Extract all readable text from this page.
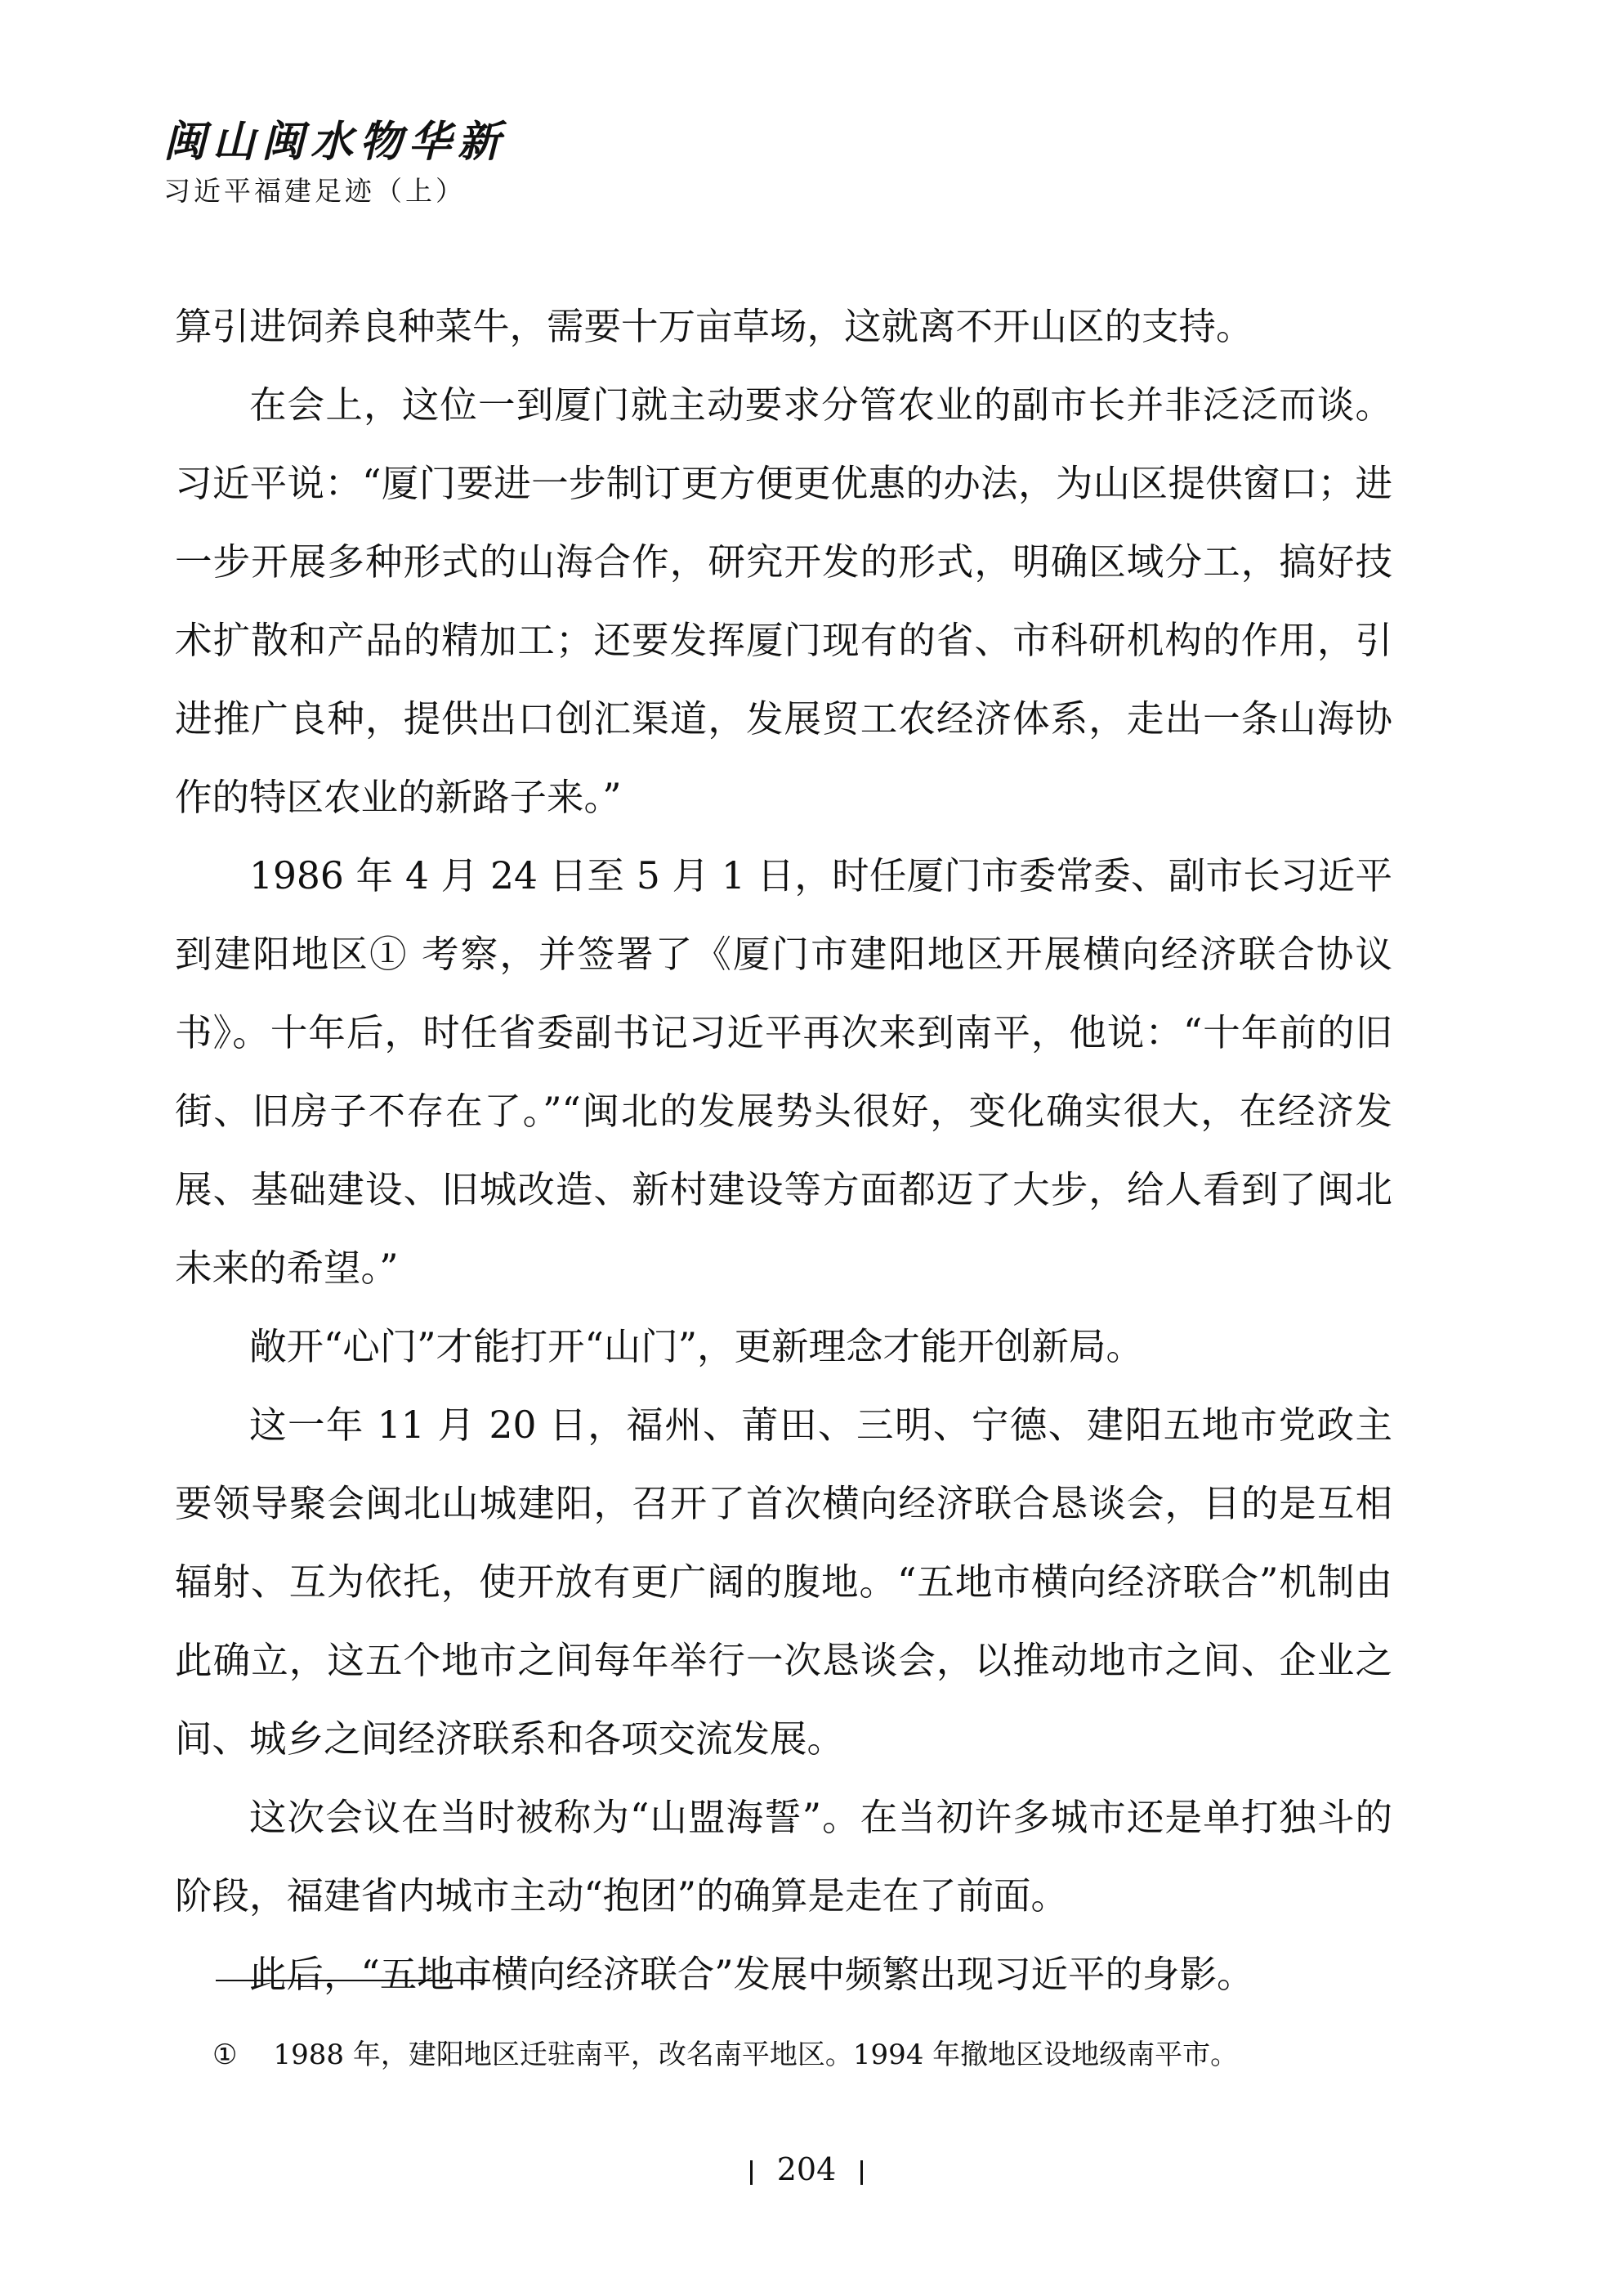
闽山闽水物华新
习近平福建足迹（上）

算引进饲养良种菜牛，需要十万亩草场，这就离不开山区的支持。

在会上，这位一到厦门就主动要求分管农业的副市长并非泛泛而谈。习近平说：“厦门要进一步制订更方便更优惠的办法，为山区提供窗口；进一步开展多种形式的山海合作，研究开发的形式，明确区域分工，搞好技术扩散和产品的精加工；还要发挥厦门现有的省、市科研机构的作用，引进推广良种，提供出口创汇渠道，发展贸工农经济体系，走出一条山海协作的特区农业的新路子来。”

1986 年 4 月 24 日至 5 月 1 日，时任厦门市委常委、副市长习近平到建阳地区① 考察，并签署了《厦门市建阳地区开展横向经济联合协议书》。十年后，时任省委副书记习近平再次来到南平，他说：“十年前的旧街、旧房子不存在了。”“闽北的发展势头很好，变化确实很大，在经济发展、基础建设、旧城改造、新村建设等方面都迈了大步，给人看到了闽北未来的希望。”

敞开“心门”才能打开“山门”，更新理念才能开创新局。

这一年 11 月 20 日，福州、莆田、三明、宁德、建阳五地市党政主要领导聚会闽北山城建阳，召开了首次横向经济联合恳谈会，目的是互相辐射、互为依托，使开放有更广阔的腹地。“五地市横向经济联合”机制由此确立，这五个地市之间每年举行一次恳谈会，以推动地市之间、企业之间、城乡之间经济联系和各项交流发展。

这次会议在当时被称为“山盟海誓”。在当初许多城市还是单打独斗的阶段，福建省内城市主动“抱团”的确算是走在了前面。

此后，“五地市横向经济联合”发展中频繁出现习近平的身影。

① 1988 年，建阳地区迁驻南平，改名南平地区。1994 年撤地区设地级南平市。
204
